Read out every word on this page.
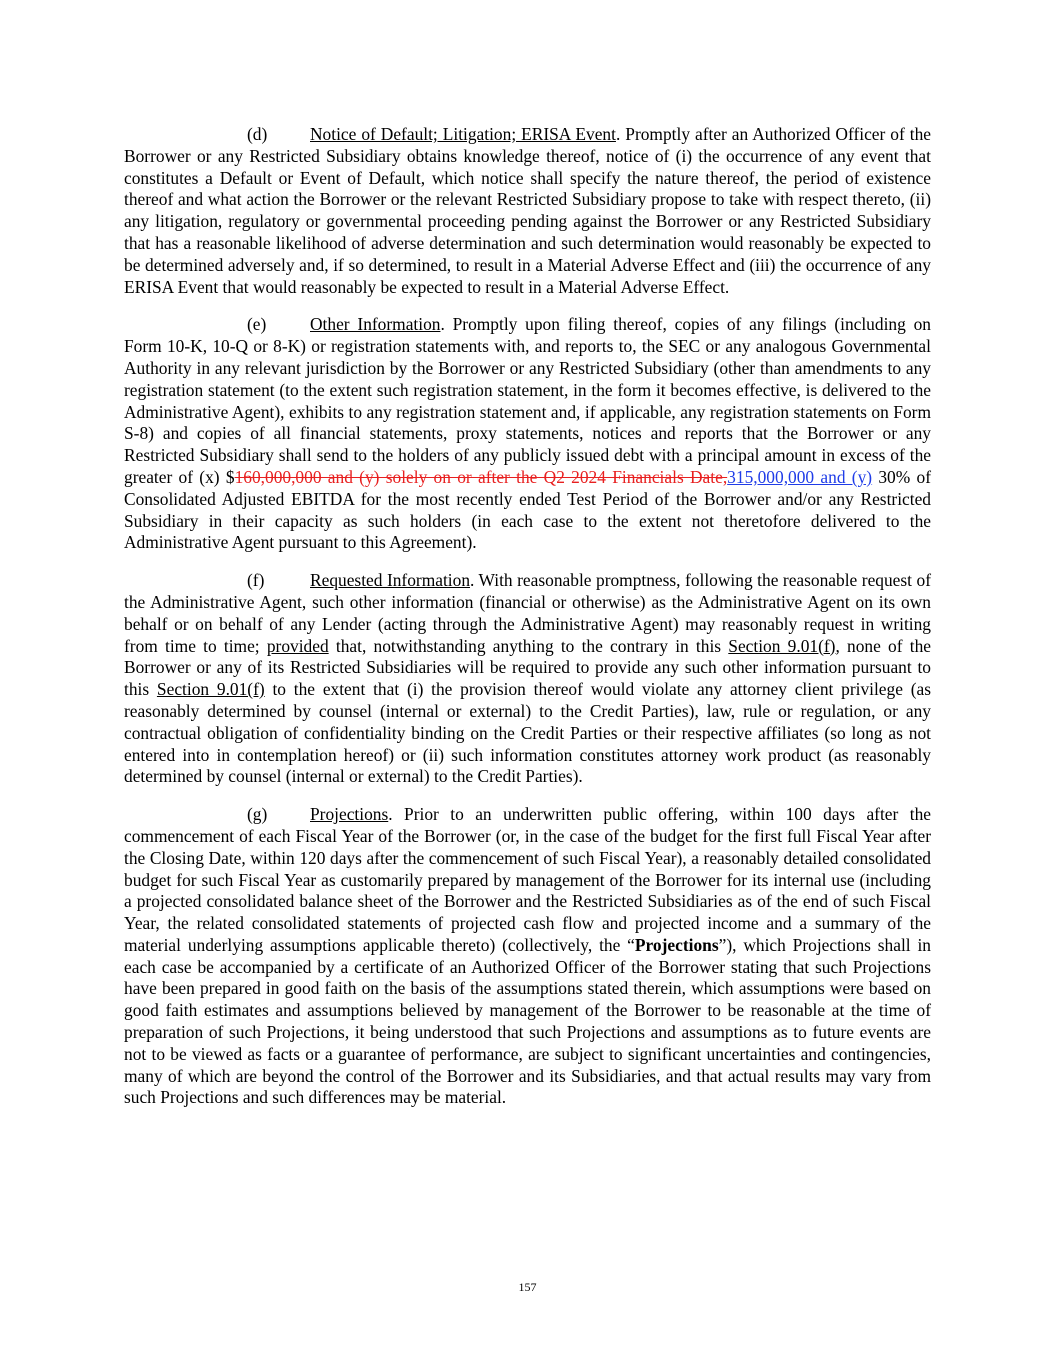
(d) Notice of Default; Litigation; ERISA Event. Promptly after an Authorized Officer of the Borrower or any Restricted Subsidiary obtains knowledge thereof, notice of (i) the occurrence of any event that constitutes a Default or Event of Default, which notice shall specify the nature thereof, the period of existence thereof and what action the Borrower or the relevant Restricted Subsidiary propose to take with respect thereto, (ii) any litigation, regulatory or governmental proceeding pending against the Borrower or any Restricted Subsidiary that has a reasonable likelihood of adverse determination and such determination would reasonably be expected to be determined adversely and, if so determined, to result in a Material Adverse Effect and (iii) the occurrence of any ERISA Event that would reasonably be expected to result in a Material Adverse Effect.

(e)	Other Information. Promptly upon filing thereof, copies of any filings (including on Form 10-K, 10-Q or 8-K) or registration statements with, and reports to, the SEC or any analogous Governmental Authority in any relevant jurisdiction by the Borrower or any Restricted Subsidiary (other than amendments to any registration statement (to the extent such registration statement, in the form it becomes effective, is delivered to the Administrative Agent), exhibits to any registration statement and, if applicable, any registration statements on Form S-8) and copies of all financial statements, proxy statements, notices and reports that the Borrower or any Restricted Subsidiary shall send to the holders of any publicly issued debt with a principal amount in excess of the greater of (x) $160,000,000 and (y) solely on or after the Q2 2024 Financials Date,315,000,000 and (y) 30% of Consolidated Adjusted EBITDA for the most recently ended Test Period of the Borrower and/or any Restricted Subsidiary in their capacity as such holders (in each case to the extent not theretofore delivered to the Administrative Agent pursuant to this Agreement).

(f)	Requested Information. With reasonable promptness, following the reasonable request of the Administrative Agent, such other information (financial or otherwise) as the Administrative Agent on its own behalf or on behalf of any Lender (acting through the Administrative Agent) may reasonably request in writing from time to time; provided that, notwithstanding anything to the contrary in this Section 9.01(f), none of the Borrower or any of its Restricted Subsidiaries will be required to provide any such other information pursuant to this Section 9.01(f) to the extent that (i) the provision thereof would violate any attorney client privilege (as reasonably determined by counsel (internal or external) to the Credit Parties), law, rule or regulation, or any contractual obligation of confidentiality binding on the Credit Parties or their respective affiliates (so long as not entered into in contemplation hereof) or (ii) such information constitutes attorney work product (as reasonably determined by counsel (internal or external) to the Credit Parties).

(g) Projections. Prior to an underwritten public offering, within 100 days after the commencement of each Fiscal Year of the Borrower (or, in the case of the budget for the first full Fiscal Year after the Closing Date, within 120 days after the commencement of such Fiscal Year), a reasonably detailed consolidated budget for such Fiscal Year as customarily prepared by management of the Borrower for its internal use (including a projected consolidated balance sheet of the Borrower and the Restricted Subsidiaries as of the end of such Fiscal Year, the related consolidated statements of projected cash flow and projected income and a summary of the material underlying assumptions applicable thereto) (collectively, the “Projections”), which Projections shall in each case be accompanied by a certificate of an Authorized Officer of the Borrower stating that such Projections have been prepared in good faith on the basis of the assumptions stated therein, which assumptions were based on good faith estimates and assumptions believed by management of the Borrower to be reasonable at the time of preparation of such Projections, it being understood that such Projections and assumptions as to future events are not to be viewed as facts or a guarantee of performance, are subject to significant uncertainties and contingencies, many of which are beyond the control of the Borrower and its Subsidiaries, and that actual results may vary from such Projections and such differences may be material.

157
